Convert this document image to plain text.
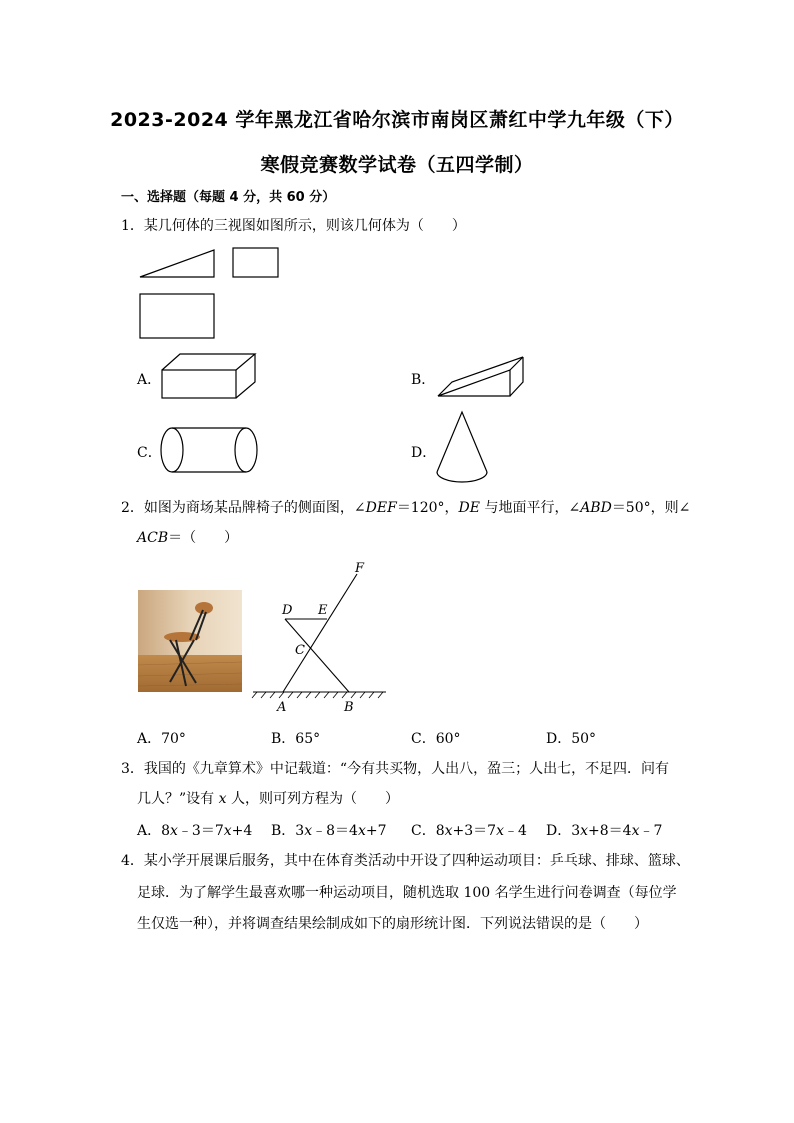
2023-2024 学年黑龙江省哈尔滨市南岗区萧红中学九年级（下）
寒假竞赛数学试卷（五四学制）
一、选择题（每题 4 分，共 60 分）
1．某几何体的三视图如图所示，则该几何体为（　　）
A．	B．
C．	D．
2．如图为商场某品牌椅子的侧面图，∠DEF＝120°，DE 与地面平行，∠ABD＝50°，则∠
ACB＝（　　）
F
D E
C
A	B
A．70°	B．65°	C．60°	D．50°
3．我国的《九章算术》中记载道：“今有共买物，人出八，盈三；人出七，不足四．问有
几人？”设有 x 人，则可列方程为（　　）
A．8x﹣3＝7x+4 B．3x﹣8＝4x+7 C．8x+3＝7x﹣4 D．3x+8＝4x﹣7
4．某小学开展课后服务，其中在体育类活动中开设了四种运动项目：乒乓球、排球、篮球、
足球．为了解学生最喜欢哪一种运动项目，随机选取 100 名学生进行问卷调查（每位学
生仅选一种），并将调查结果绘制成如下的扇形统计图．下列说法错误的是（　　）
